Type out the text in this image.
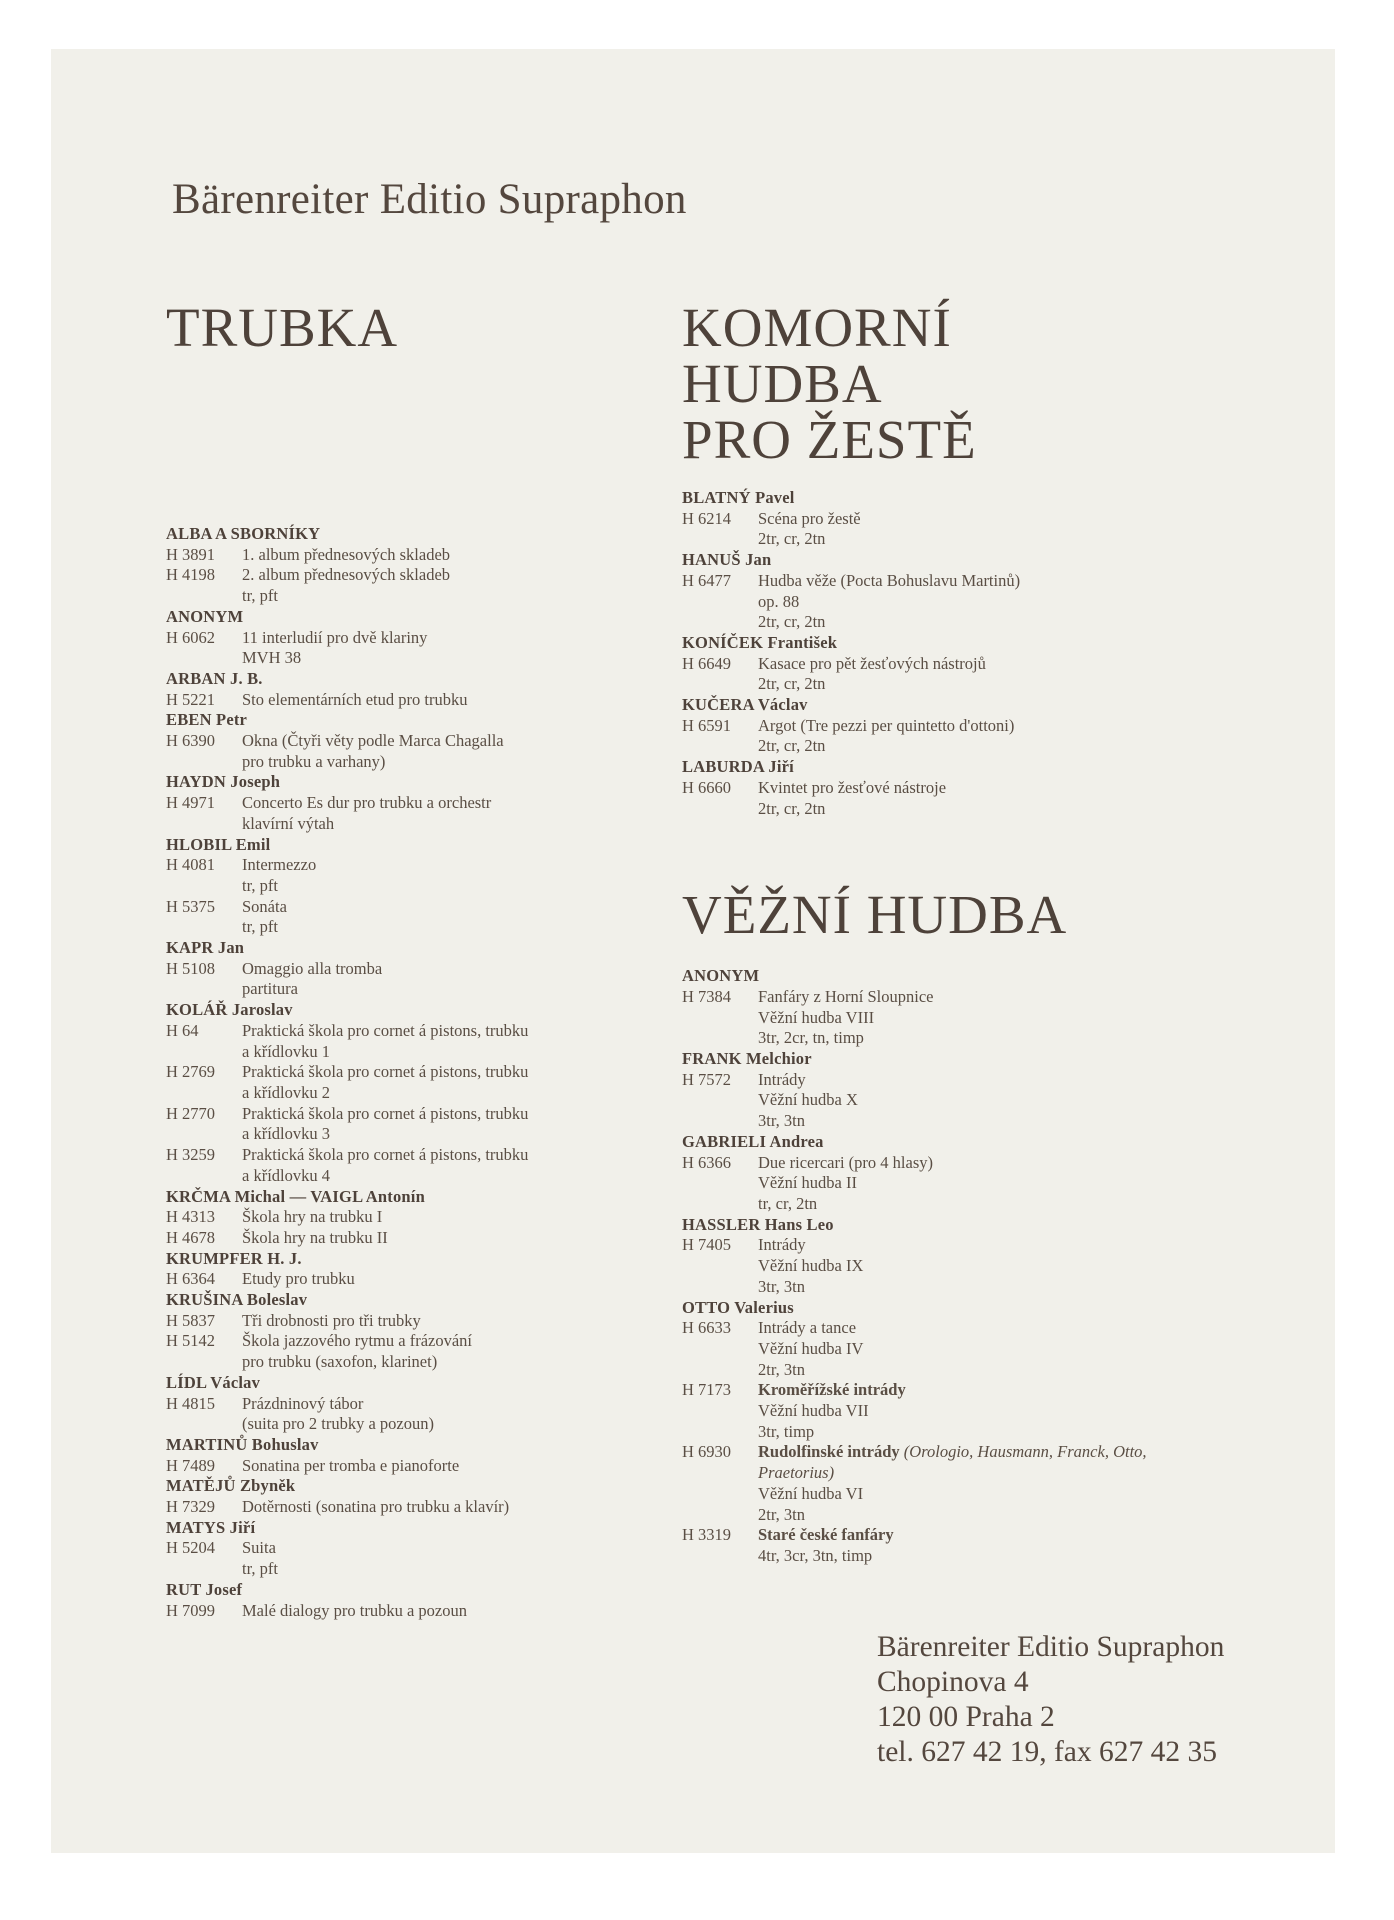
Bärenreiter Editio Supraphon
TRUBKA
ALBA A SBORNÍKY
H 3891	1. album přednesových skladeb
H 4198	2. album přednesových skladeb
tr, pft
ANONYM
H 6062	11 interludií pro dvě klariny
MVH 38
ARBAN J. B.
H 5221	Sto elementárních etud pro trubku
EBEN Petr
H 6390	Okna (Čtyři věty podle Marca Chagalla
pro trubku a varhany)
HAYDN Joseph
H 4971	Concerto Es dur pro trubku a orchestr
klavírní výtah
HLOBIL Emil
H 4081	Intermezzo
tr, pft
H 5375	Sonáta
tr, pft
KAPR Jan
H 5108	Omaggio alla tromba
partitura
KOLÁŘ Jaroslav
H 64	Praktická škola pro cornet á pistons, trubku
a křídlovku 1
H 2769	Praktická škola pro cornet á pistons, trubku
a křídlovku 2
H 2770	Praktická škola pro cornet á pistons, trubku
a křídlovku 3
H 3259	Praktická škola pro cornet á pistons, trubku
a křídlovku 4
KRČMA Michal — VAIGL Antonín
H 4313	Škola hry na trubku I
H 4678	Škola hry na trubku II
KRUMPFER H. J.
H 6364	Etudy pro trubku
KRUŠINA Boleslav
H 5837	Tři drobnosti pro tři trubky
H 5142	Škola jazzového rytmu a frázování
pro trubku (saxofon, klarinet)
LÍDL Václav
H 4815	Prázdninový tábor
(suita pro 2 trubky a pozoun)
MARTINŮ Bohuslav
H 7489	Sonatina per tromba e pianoforte
MATĚJŮ Zbyněk
H 7329	Dotěrnosti (sonatina pro trubku a klavír)
MATYS Jiří
H 5204	Suita
tr, pft
RUT Josef
H 7099	Malé dialogy pro trubku a pozoun
KOMORNÍ
HUDBA
PRO ŽESTĚ
BLATNÝ Pavel
H 6214	Scéna pro žestě
2tr, cr, 2tn
HANUŠ Jan
H 6477	Hudba věže (Pocta Bohuslavu Martinů)
op. 88
2tr, cr, 2tn
KONÍČEK František
H 6649	Kasace pro pět žesťových nástrojů
2tr, cr, 2tn
KUČERA Václav
H 6591	Argot (Tre pezzi per quintetto d'ottoni)
2tr, cr, 2tn
LABURDA Jiří
H 6660	Kvintet pro žesťové nástroje
2tr, cr, 2tn
VĚŽNÍ HUDBA
ANONYM
H 7384	Fanfáry z Horní Sloupnice
Věžní hudba VIII
3tr, 2cr, tn, timp
FRANK Melchior
H 7572	Intrády
Věžní hudba X
3tr, 3tn
GABRIELI Andrea
H 6366	Due ricercari (pro 4 hlasy)
Věžní hudba II
tr, cr, 2tn
HASSLER Hans Leo
H 7405	Intrády
Věžní hudba IX
3tr, 3tn
OTTO Valerius
H 6633	Intrády a tance
Věžní hudba IV
2tr, 3tn
H 7173	Kroměřížské intrády
Věžní hudba VII
3tr, timp
H 6930	Rudolfinské intrády (Orologio, Hausmann, Franck, Otto, Praetorius)
Věžní hudba VI
2tr, 3tn
H 3319	Staré české fanfáry
4tr, 3cr, 3tn, timp
Bärenreiter Editio Supraphon
Chopinova 4
120 00 Praha 2
tel. 627 42 19, fax 627 42 35
